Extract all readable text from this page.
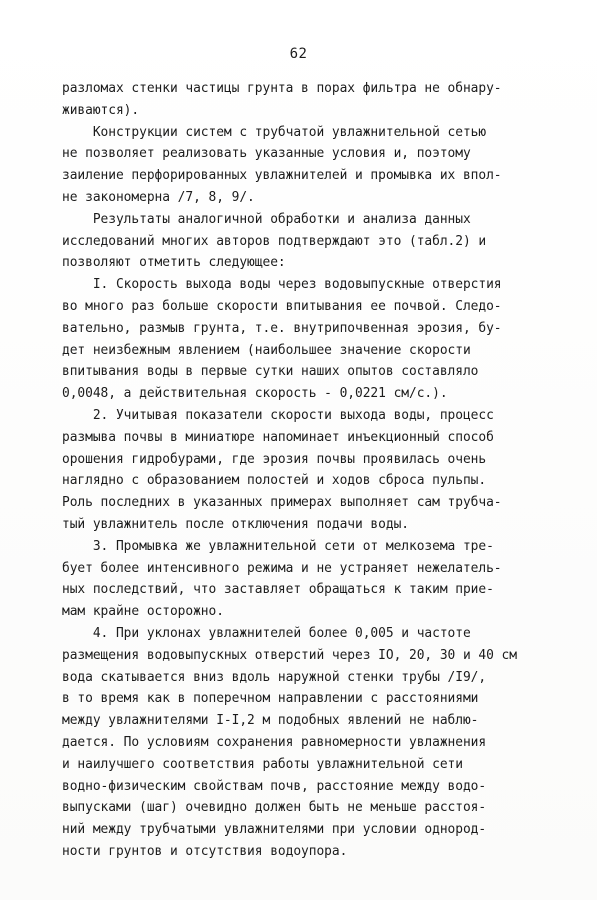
62
разломах стенки частицы грунта в порах фильтра не обнару-
живаются).
Конструкции систем с трубчатой увлажнительной сетью
не позволяет реализовать указанные условия и, поэтому
заиление перфорированных увлажнителей и промывка их впол-
не закономерна /7, 8, 9/.
Результаты аналогичной обработки и анализа данных
исследований многих авторов подтверждают это (табл.2) и
позволяют отметить следующее:
I. Скорость выхода воды через водовыпускные отверстия
во много раз больше скорости впитывания ее почвой. Следо-
вательно, размыв грунта, т.е. внутрипочвенная эрозия, бу-
дет неизбежным явлением (наибольшее значение скорости
впитывания воды в первые сутки наших опытов составляло
0,0048, а действительная скорость - 0,0221 см/с.).
2. Учитывая показатели скорости выхода воды, процесс
размыва почвы в миниатюре напоминает инъекционный способ
орошения гидробурами, где эрозия почвы проявилась очень
наглядно с образованием полостей и ходов сброса пульпы.
Роль последних в указанных примерах выполняет сам трубча-
тый увлажнитель после отключения подачи воды.
3. Промывка же увлажнительной сети от мелкозема тре-
бует более интенсивного режима и не устраняет нежелатель-
ных последствий, что заставляет обращаться к таким прие-
мам крайне осторожно.
4. При уклонах увлажнителей более 0,005 и частоте
размещения водовыпускных отверстий через IO, 20, 30 и 40 см
вода скатывается вниз вдоль наружной стенки трубы /I9/,
в то время как в поперечном направлении с расстояниями
между увлажнителями I-I,2 м подобных явлений не наблю-
дается. По условиям сохранения равномерности увлажнения
и наилучшего соответствия работы увлажнительной сети
водно-физическим свойствам почв, расстояние между водо-
выпусками (шаг) очевидно должен быть не меньше расстоя-
ний между трубчатыми увлажнителями при условии однород-
ности грунтов и отсутствия водоупора.
